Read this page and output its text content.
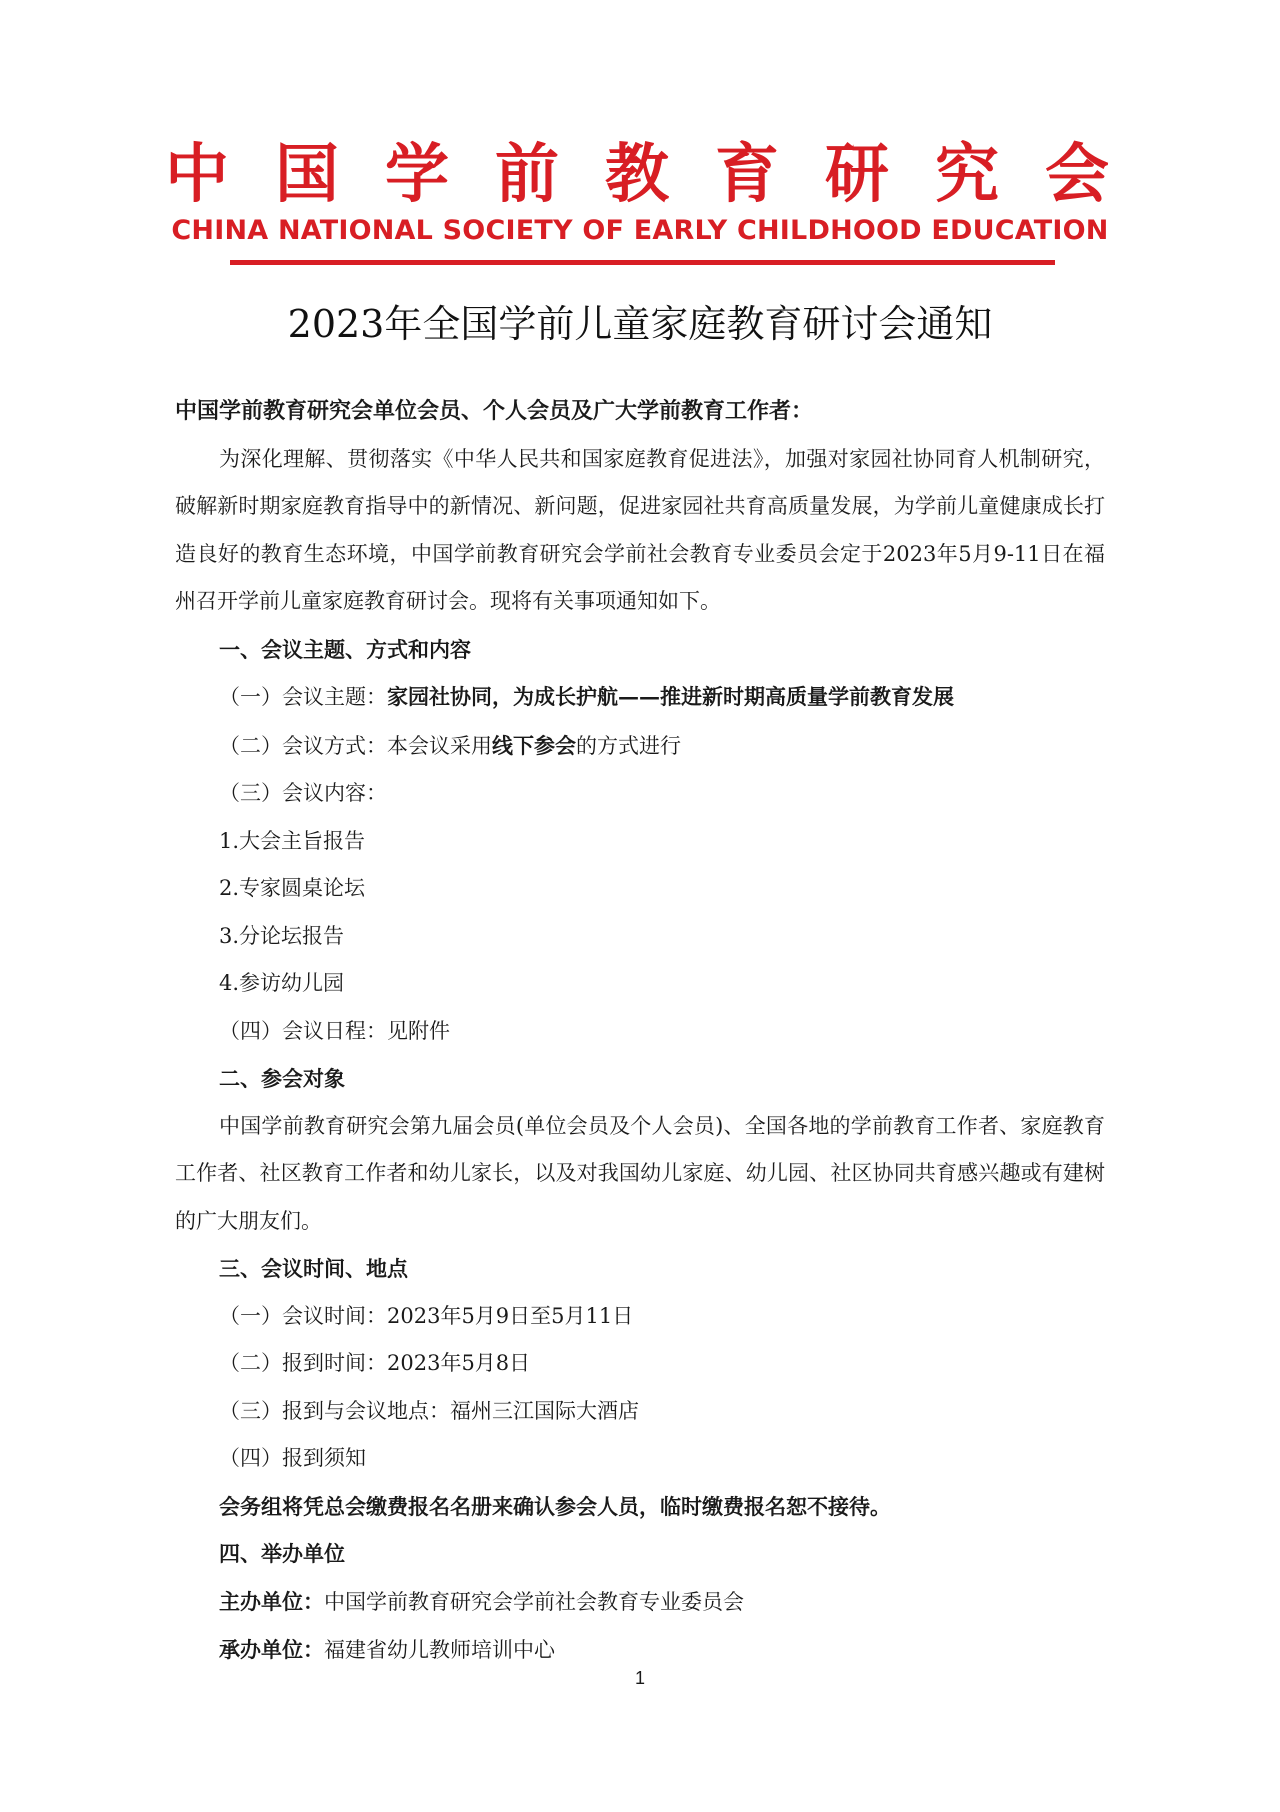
中国学前教育研究会
CHINA NATIONAL SOCIETY OF EARLY CHILDHOOD EDUCATION
2023年全国学前儿童家庭教育研讨会通知

中国学前教育研究会单位会员、个人会员及广大学前教育工作者：

为深化理解、贯彻落实《中华人民共和国家庭教育促进法》，加强对家园社协同育人机制研究，破解新时期家庭教育指导中的新情况、新问题，促进家园社共育高质量发展，为学前儿童健康成长打造良好的教育生态环境，中国学前教育研究会学前社会教育专业委员会定于2023年5月9-11日在福州召开学前儿童家庭教育研讨会。现将有关事项通知如下。

一、会议主题、方式和内容

（一）会议主题：家园社协同，为成长护航——推进新时期高质量学前教育发展

（二）会议方式：本会议采用线下参会的方式进行

（三）会议内容：

1.大会主旨报告

2.专家圆桌论坛

3.分论坛报告

4.参访幼儿园

（四）会议日程：见附件

二、参会对象

中国学前教育研究会第九届会员(单位会员及个人会员)、全国各地的学前教育工作者、家庭教育工作者、社区教育工作者和幼儿家长，以及对我国幼儿家庭、幼儿园、社区协同共育感兴趣或有建树的广大朋友们。

三、会议时间、地点

（一）会议时间：2023年5月9日至5月11日

（二）报到时间：2023年5月8日

（三）报到与会议地点：福州三江国际大酒店

（四）报到须知

会务组将凭总会缴费报名名册来确认参会人员，临时缴费报名恕不接待。

四、举办单位

主办单位：中国学前教育研究会学前社会教育专业委员会

承办单位：福建省幼儿教师培训中心

1
